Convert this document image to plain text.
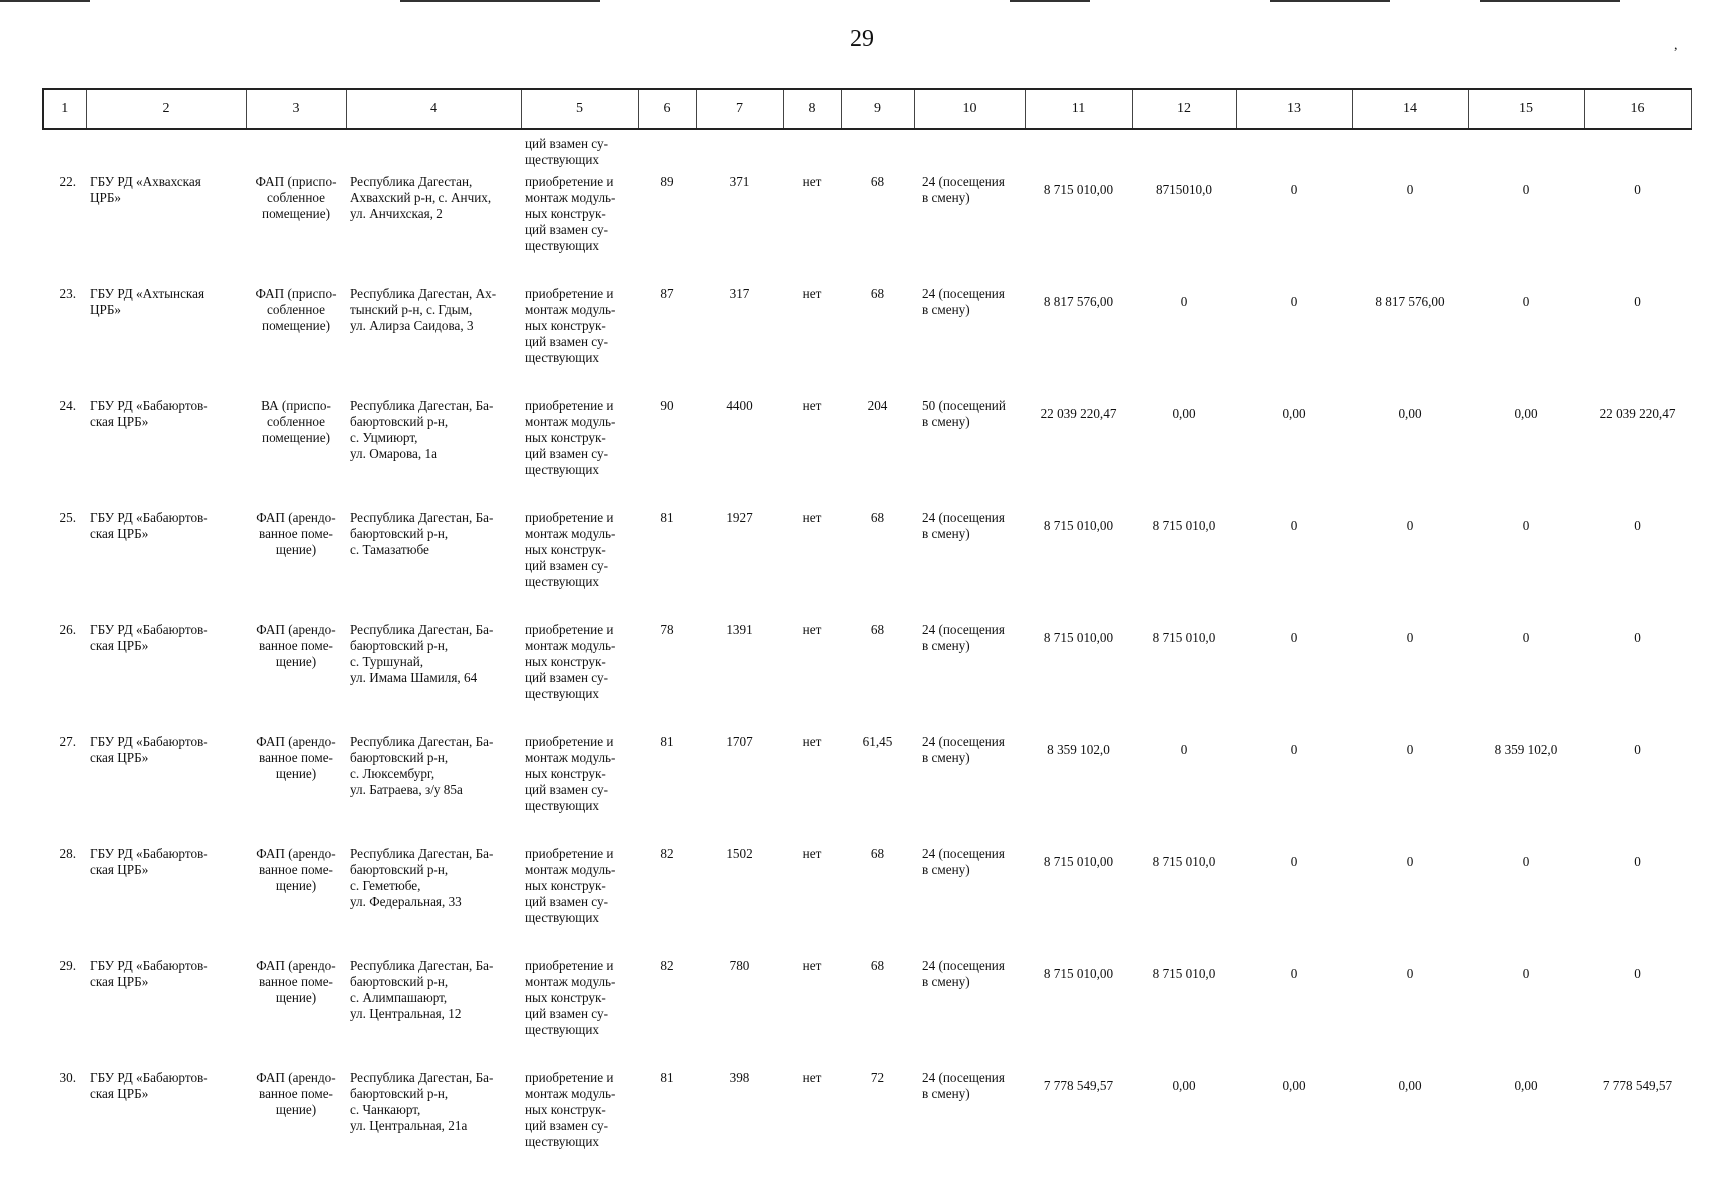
29	,
1	2	3	4	5	6	7	8	9	10	11	12	13	14	15	16
				ций взамен су-
ществующих											
22.	ГБУ РД «Ахвахская
ЦРБ»	ФАП (приспо-
собленное
помещение)	Республика Дагестан,
Ахвахский р-н, с. Анчих,
ул. Анчихская, 2	приобретение и
монтаж модуль-
ных конструк-
ций взамен су-
ществующих	89	371	нет	68	24 (посещения
в смену)	8 715 010,00	8715010,0	0	0	0	0
23.	ГБУ РД «Ахтынская
ЦРБ»	ФАП (приспо-
собленное
помещение)	Республика Дагестан, Ах-
тынский р-н, с. Гдым,
ул. Алирза Саидова, 3	приобретение и
монтаж модуль-
ных конструк-
ций взамен су-
ществующих	87	317	нет	68	24 (посещения
в смену)	8 817 576,00	0	0	8 817 576,00	0	0
24.	ГБУ РД «Бабаюртов-
ская ЦРБ»	ВА (приспо-
собленное
помещение)	Республика Дагестан, Ба-
баюртовский р-н,
с. Уцмиюрт,
ул. Омарова, 1а	приобретение и
монтаж модуль-
ных конструк-
ций взамен су-
ществующих	90	4400	нет	204	50 (посещений
в смену)	22 039 220,47	0,00	0,00	0,00	0,00	22 039 220,47
25.	ГБУ РД «Бабаюртов-
ская ЦРБ»	ФАП (арендо-
ванное поме-
щение)	Республика Дагестан, Ба-
баюртовский р-н,
с. Тамазатюбе	приобретение и
монтаж модуль-
ных конструк-
ций взамен су-
ществующих	81	1927	нет	68	24 (посещения
в смену)	8 715 010,00	8 715 010,0	0	0	0	0
26.	ГБУ РД «Бабаюртов-
ская ЦРБ»	ФАП (арендо-
ванное поме-
щение)	Республика Дагестан, Ба-
баюртовский р-н,
с. Туршунай,
ул. Имама Шамиля, 64	приобретение и
монтаж модуль-
ных конструк-
ций взамен су-
ществующих	78	1391	нет	68	24 (посещения
в смену)	8 715 010,00	8 715 010,0	0	0	0	0
27.	ГБУ РД «Бабаюртов-
ская ЦРБ»	ФАП (арендо-
ванное поме-
щение)	Республика Дагестан, Ба-
баюртовский р-н,
с. Люксембург,
ул. Батраева, з/у 85а	приобретение и
монтаж модуль-
ных конструк-
ций взамен су-
ществующих	81	1707	нет	61,45	24 (посещения
в смену)	8 359 102,0	0	0	0	8 359 102,0	0
28.	ГБУ РД «Бабаюртов-
ская ЦРБ»	ФАП (арендо-
ванное поме-
щение)	Республика Дагестан, Ба-
баюртовский р-н,
с. Геметюбе,
ул. Федеральная, 33	приобретение и
монтаж модуль-
ных конструк-
ций взамен су-
ществующих	82	1502	нет	68	24 (посещения
в смену)	8 715 010,00	8 715 010,0	0	0	0	0
29.	ГБУ РД «Бабаюртов-
ская ЦРБ»	ФАП (арендо-
ванное поме-
щение)	Республика Дагестан, Ба-
баюртовский р-н,
с. Алимпашаюрт,
ул. Центральная, 12	приобретение и
монтаж модуль-
ных конструк-
ций взамен су-
ществующих	82	780	нет	68	24 (посещения
в смену)	8 715 010,00	8 715 010,0	0	0	0	0
30.	ГБУ РД «Бабаюртов-
ская ЦРБ»	ФАП (арендо-
ванное поме-
щение)	Республика Дагестан, Ба-
баюртовский р-н,
с. Чанкаюрт,
ул. Центральная, 21а	приобретение и
монтаж модуль-
ных конструк-
ций взамен су-
ществующих	81	398	нет	72	24 (посещения
в смену)	7 778 549,57	0,00	0,00	0,00	0,00	7 778 549,57
